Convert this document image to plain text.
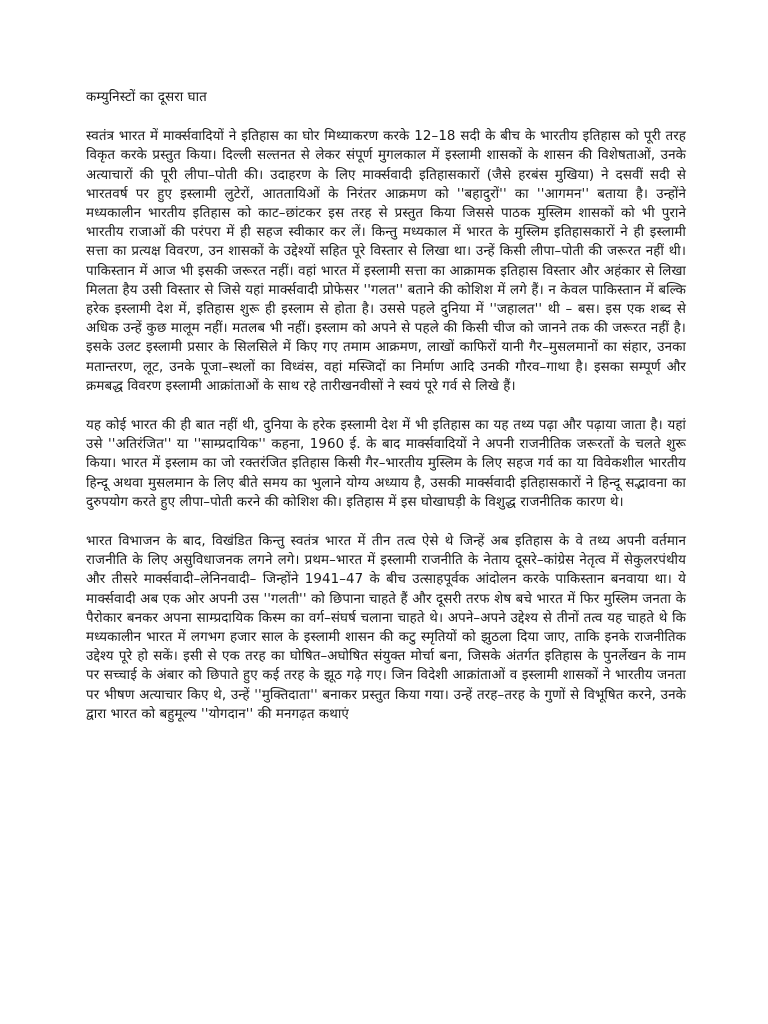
कम्युनिस्टों का दूसरा घात

स्वतंत्र भारत में मार्क्सवादियों ने इतिहास का घोर मिथ्याकरण करके 12–18 सदी के बीच के भारतीय इतिहास को पूरी तरह विकृत करके प्रस्तुत किया। दिल्ली सल्तनत से लेकर संपूर्ण मुगलकाल में इस्लामी शासकों के शासन की विशेषताओं, उनके अत्याचारों की पूरी लीपा–पोती की। उदाहरण के लिए मार्क्सवादी इतिहासकारों (जैसे हरबंस मुखिया) ने दसवीं सदी से भारतवर्ष पर हुए इस्लामी लुटेरों, आततायिओं के निरंतर आक्रमण को ''बहादुरों'' का ''आगमन'' बताया है। उन्होंने मध्यकालीन भारतीय इतिहास को काट–छांटकर इस तरह से प्रस्तुत किया जिससे पाठक मुस्लिम शासकों को भी पुराने भारतीय राजाओं की परंपरा में ही सहज स्वीकार कर लें। किन्तु मध्यकाल में भारत के मुस्लिम इतिहासकारों ने ही इस्लामी सत्ता का प्रत्यक्ष विवरण, उन शासकों के उद्देश्यों सहित पूरे विस्तार से लिखा था। उन्हें किसी लीपा–पोती की जरूरत नहीं थी। पाकिस्तान में आज भी इसकी जरूरत नहीं। वहां भारत में इस्लामी सत्ता का आक्रामक इतिहास विस्तार और अहंकार से लिखा मिलता हैय उसी विस्तार से जिसे यहां मार्क्सवादी प्रोफेसर ''गलत'' बताने की कोशिश में लगे हैं। न केवल पाकिस्तान में बल्कि हरेक इस्लामी देश में, इतिहास शुरू ही इस्लाम से होता है। उससे पहले दुनिया में ''जहालत'' थी – बस। इस एक शब्द से अधिक उन्हें कुछ मालूम नहीं। मतलब भी नहीं। इस्लाम को अपने से पहले की किसी चीज को जानने तक की जरूरत नहीं है। इसके उलट इस्लामी प्रसार के सिलसिले में किए गए तमाम आक्रमण, लाखों काफिरों यानी गैर–मुसलमानों का संहार, उनका मतान्तरण, लूट, उनके पूजा–स्थलों का विध्वंस, वहां मस्जिदों का निर्माण आदि उनकी गौरव–गाथा है। इसका सम्पूर्ण और क्रमबद्ध विवरण इस्लामी आक्रांताओं के साथ रहे तारीखनवीसों ने स्वयं पूरे गर्व से लिखे हैं।

यह कोई भारत की ही बात नहीं थी, दुनिया के हरेक इस्लामी देश में भी इतिहास का यह तथ्य पढ़ा और पढ़ाया जाता है। यहां उसे ''अतिरंजित'' या ''साम्प्रदायिक'' कहना, 1960 ई. के बाद मार्क्सवादियों ने अपनी राजनीतिक जरूरतों के चलते शुरू किया। भारत में इस्लाम का जो रक्तरंजित इतिहास किसी गैर–भारतीय मुस्लिम के लिए सहज गर्व का या विवेकशील भारतीय हिन्दू अथवा मुसलमान के लिए बीते समय का भुलाने योग्य अध्याय है, उसकी मार्क्सवादी इतिहासकारों ने हिन्दू सद्भावना का दुरुपयोग करते हुए लीपा–पोती करने की कोशिश की। इतिहास में इस घोखाघड़ी के विशुद्ध राजनीतिक कारण थे।

भारत विभाजन के बाद, विखंडित किन्तु स्वतंत्र भारत में तीन तत्व ऐसे थे जिन्हें अब इतिहास के वे तथ्य अपनी वर्तमान राजनीति के लिए असुविधाजनक लगने लगे। प्रथम–भारत में इस्लामी राजनीति के नेताय दूसरे–कांग्रेस नेतृत्व में सेकुलरपंथीय और तीसरे मार्क्सवादी–लेनिनवादी– जिन्होंने 1941–47 के बीच उत्साहपूर्वक आंदोलन करके पाकिस्तान बनवाया था। ये मार्क्सवादी अब एक ओर अपनी उस ''गलती'' को छिपाना चाहते हैं और दूसरी तरफ शेष बचे भारत में फिर मुस्लिम जनता के पैरोकार बनकर अपना साम्प्रदायिक किस्म का वर्ग–संघर्ष चलाना चाहते थे। अपने–अपने उद्देश्य से तीनों तत्व यह चाहते थे कि मध्यकालीन भारत में लगभग हजार साल के इस्लामी शासन की कटु स्मृतियों को झुठला दिया जाए, ताकि इनके राजनीतिक उद्देश्य पूरे हो सकें। इसी से एक तरह का घोषित–अघोषित संयुक्त मोर्चा बना, जिसके अंतर्गत इतिहास के पुनर्लेखन के नाम पर सच्चाई के अंबार को छिपाते हुए कई तरह के झूठ गढ़े गए। जिन विदेशी आक्रांताओं व इस्लामी शासकों ने भारतीय जनता पर भीषण अत्याचार किए थे, उन्हें ''मुक्तिदाता'' बनाकर प्रस्तुत किया गया। उन्हें तरह–तरह के गुणों से विभूषित करने, उनके द्वारा भारत को बहुमूल्य ''योगदान'' की मनगढ़त कथाएं
